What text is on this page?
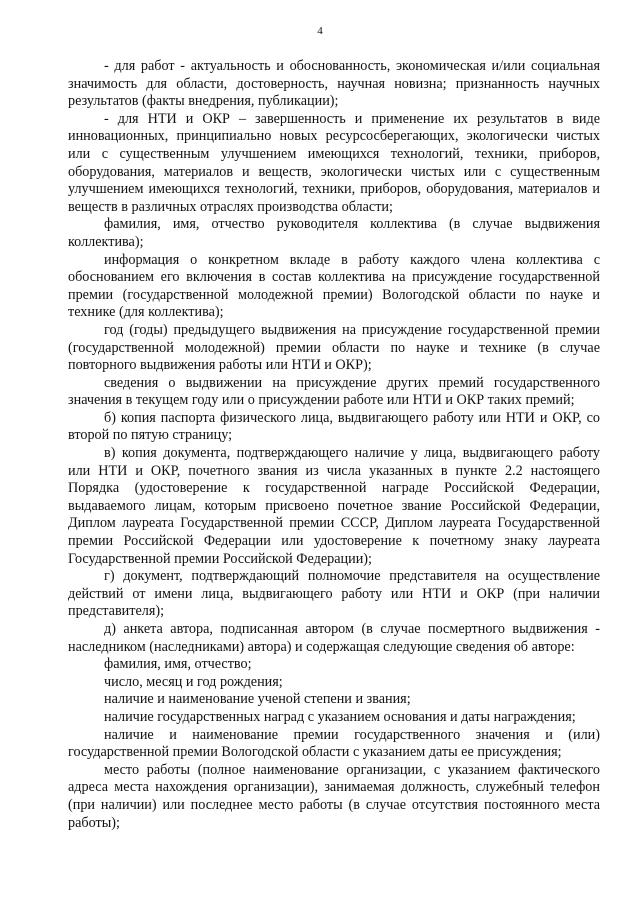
4

- для работ - актуальность и обоснованность, экономическая и/или социальная значимость для области, достоверность, научная новизна; признанность научных результатов (факты внедрения, публикации);

- для НТИ и ОКР – завершенность и применение их результатов в виде инновационных, принципиально новых ресурсосберегающих, экологически чистых или с существенным улучшением имеющихся технологий, техники, приборов, оборудования, материалов и веществ, экологически чистых или с существенным улучшением имеющихся технологий, техники, приборов, оборудования, материалов и веществ в различных отраслях производства области;

фамилия, имя, отчество руководителя коллектива (в случае выдвижения коллектива);

информация о конкретном вкладе в работу каждого члена коллектива с обоснованием его включения в состав коллектива на присуждение государственной премии (государственной молодежной премии) Вологодской области по науке и технике (для коллектива);

год (годы) предыдущего выдвижения на присуждение государственной премии (государственной молодежной) премии области по науке и технике (в случае повторного выдвижения работы или НТИ и ОКР);

сведения о выдвижении на присуждение других премий государственного значения в текущем году или о присуждении работе или НТИ и ОКР таких премий;

б) копия паспорта физического лица, выдвигающего работу или НТИ и ОКР, со второй по пятую страницу;

в) копия документа, подтверждающего наличие у лица, выдвигающего работу или НТИ и ОКР, почетного звания из числа указанных в пункте 2.2 настоящего Порядка (удостоверение к государственной награде Российской Федерации, выдаваемого лицам, которым присвоено почетное звание Российской Федерации, Диплом лауреата Государственной премии СССР, Диплом лауреата Государственной премии Российской Федерации или удостоверение к почетному знаку лауреата Государственной премии Российской Федерации);

г) документ, подтверждающий полномочие представителя на осуществление действий от имени лица, выдвигающего работу или НТИ и ОКР (при наличии представителя);

д) анкета автора, подписанная автором (в случае посмертного выдвижения - наследником (наследниками) автора) и содержащая следующие сведения об авторе:

фамилия, имя, отчество;

число, месяц и год рождения;

наличие и наименование ученой степени и звания;

наличие государственных наград с указанием основания и даты награждения;

наличие и наименование премии государственного значения и (или) государственной премии Вологодской области с указанием даты ее присуждения;

место работы (полное наименование организации, с указанием фактического адреса места нахождения организации), занимаемая должность, служебный телефон (при наличии) или последнее место работы (в случае отсутствия постоянного места работы);
